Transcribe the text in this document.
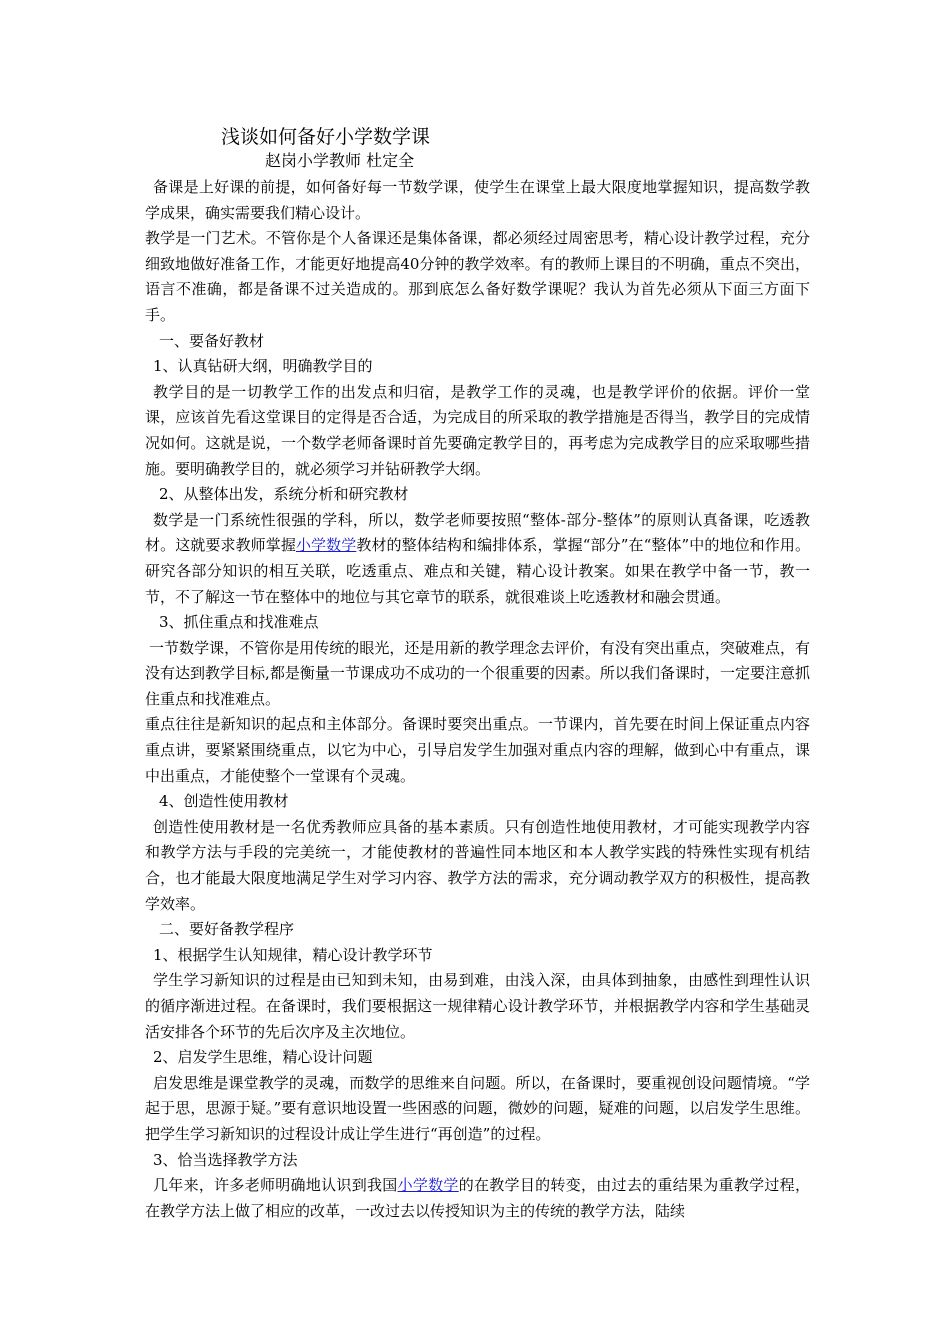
浅谈如何备好小学数学课
赵岗小学教师 杜定全

备课是上好课的前提，如何备好每一节数学课，使学生在课堂上最大限度地掌握知识，提高数学教学成果，确实需要我们精心设计。

教学是一门艺术。不管你是个人备课还是集体备课，都必须经过周密思考，精心设计教学过程，充分细致地做好准备工作，才能更好地提高40分钟的教学效率。有的教师上课目的不明确，重点不突出，语言不准确，都是备课不过关造成的。那到底怎么备好数学课呢？我认为首先必须从下面三方面下手。

一、要备好教材

1、认真钻研大纲，明确教学目的

教学目的是一切教学工作的出发点和归宿，是教学工作的灵魂，也是教学评价的依据。评价一堂课，应该首先看这堂课目的定得是否合适，为完成目的所采取的教学措施是否得当，教学目的完成情况如何。这就是说，一个数学老师备课时首先要确定教学目的，再考虑为完成教学目的应采取哪些措施。要明确教学目的，就必须学习并钻研教学大纲。

2、从整体出发，系统分析和研究教材

数学是一门系统性很强的学科，所以，数学老师要按照“整体-部分-整体”的原则认真备课，吃透教材。这就要求教师掌握小学数学教材的整体结构和编排体系，掌握“部分”在“整体”中的地位和作用。研究各部分知识的相互关联，吃透重点、难点和关键，精心设计教案。如果在教学中备一节，教一节，不了解这一节在整体中的地位与其它章节的联系，就很难谈上吃透教材和融会贯通。

3、抓住重点和找准难点

一节数学课，不管你是用传统的眼光，还是用新的教学理念去评价，有没有突出重点，突破难点，有没有达到教学目标,都是衡量一节课成功不成功的一个很重要的因素。所以我们备课时，一定要注意抓住重点和找准难点。

重点往往是新知识的起点和主体部分。备课时要突出重点。一节课内，首先要在时间上保证重点内容重点讲，要紧紧围绕重点，以它为中心，引导启发学生加强对重点内容的理解，做到心中有重点，课中出重点，才能使整个一堂课有个灵魂。

4、创造性使用教材

创造性使用教材是一名优秀教师应具备的基本素质。只有创造性地使用教材，才可能实现教学内容和教学方法与手段的完美统一，才能使教材的普遍性同本地区和本人教学实践的特殊性实现有机结合，也才能最大限度地满足学生对学习内容、教学方法的需求，充分调动教学双方的积极性，提高教学效率。

二、要好备教学程序

1、根据学生认知规律，精心设计教学环节

学生学习新知识的过程是由已知到未知，由易到难，由浅入深，由具体到抽象，由感性到理性认识的循序渐进过程。在备课时，我们要根据这一规律精心设计教学环节，并根据教学内容和学生基础灵活安排各个环节的先后次序及主次地位。

2、启发学生思维，精心设计问题

启发思维是课堂教学的灵魂，而数学的思维来自问题。所以，在备课时，要重视创设问题情境。“学起于思，思源于疑。”要有意识地设置一些困惑的问题，微妙的问题，疑难的问题，以启发学生思维。把学生学习新知识的过程设计成让学生进行“再创造”的过程。

3、恰当选择教学方法

几年来，许多老师明确地认识到我国小学数学的在教学目的转变，由过去的重结果为重教学过程，在教学方法上做了相应的改革，一改过去以传授知识为主的传统的教学方法，陆续
